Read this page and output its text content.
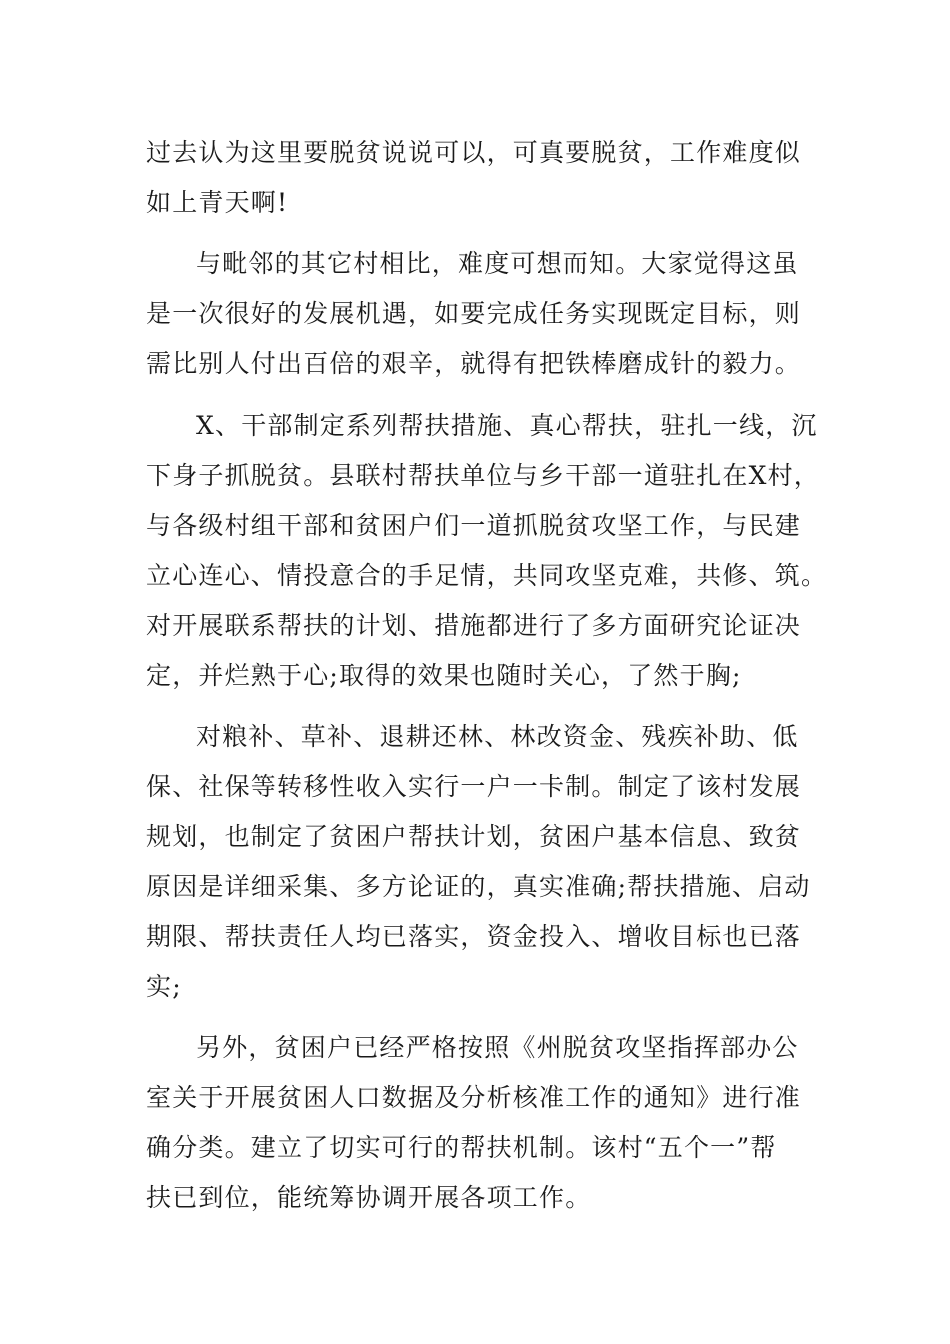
过去认为这里要脱贫说说可以，可真要脱贫，工作难度似
如上青天啊!
与毗邻的其它村相比，难度可想而知。大家觉得这虽
是一次很好的发展机遇，如要完成任务实现既定目标，则
需比别人付出百倍的艰辛，就得有把铁棒磨成针的毅力。
X、干部制定系列帮扶措施、真心帮扶，驻扎一线，沉
下身子抓脱贫。县联村帮扶单位与乡干部一道驻扎在X村，
与各级村组干部和贫困户们一道抓脱贫攻坚工作，与民建
立心连心、情投意合的手足情，共同攻坚克难，共修、筑。
对开展联系帮扶的计划、措施都进行了多方面研究论证决
定，并烂熟于心;取得的效果也随时关心，了然于胸;
对粮补、草补、退耕还林、林改资金、残疾补助、低
保、社保等转移性收入实行一户一卡制。制定了该村发展
规划，也制定了贫困户帮扶计划，贫困户基本信息、致贫
原因是详细采集、多方论证的，真实准确;帮扶措施、启动
期限、帮扶责任人均已落实，资金投入、增收目标也已落
实;
另外，贫困户已经严格按照《州脱贫攻坚指挥部办公
室关于开展贫困人口数据及分析核准工作的通知》进行准
确分类。建立了切实可行的帮扶机制。该村“五个一”帮
扶已到位，能统筹协调开展各项工作。
